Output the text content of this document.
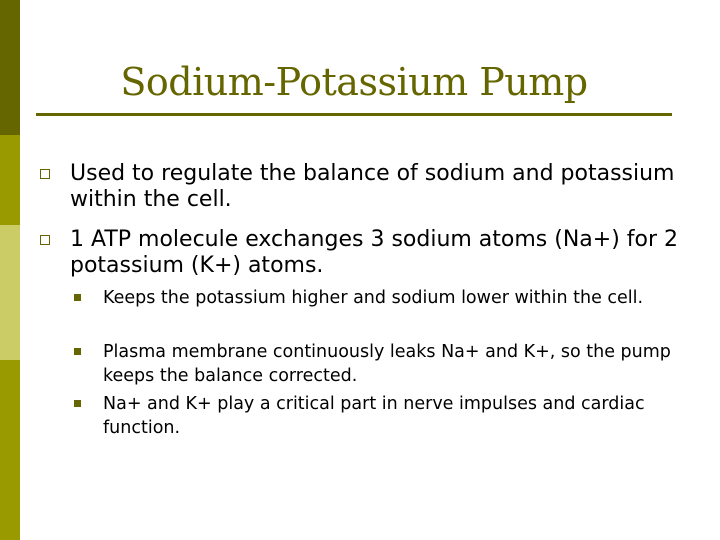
Sodium-Potassium Pump
Used to regulate the balance of sodium and potassium within the cell.
1 ATP molecule exchanges 3 sodium atoms (Na+) for 2 potassium (K+) atoms.
Keeps the potassium higher and sodium lower within the cell.
Plasma membrane continuously leaks Na+ and K+, so the pump keeps the balance corrected.
Na+ and K+ play a critical part in nerve impulses and cardiac function.
